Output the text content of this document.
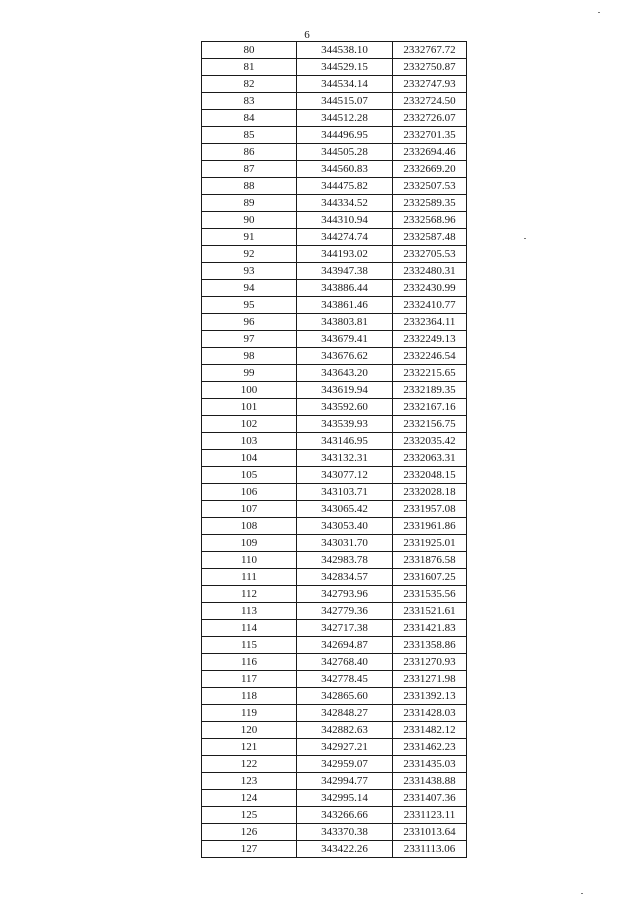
6
80	344538.10	2332767.72
81	344529.15	2332750.87
82	344534.14	2332747.93
83	344515.07	2332724.50
84	344512.28	2332726.07
85	344496.95	2332701.35
86	344505.28	2332694.46
87	344560.83	2332669.20
88	344475.82	2332507.53
89	344334.52	2332589.35
90	344310.94	2332568.96
91	344274.74	2332587.48
92	344193.02	2332705.53
93	343947.38	2332480.31
94	343886.44	2332430.99
95	343861.46	2332410.77
96	343803.81	2332364.11
97	343679.41	2332249.13
98	343676.62	2332246.54
99	343643.20	2332215.65
100	343619.94	2332189.35
101	343592.60	2332167.16
102	343539.93	2332156.75
103	343146.95	2332035.42
104	343132.31	2332063.31
105	343077.12	2332048.15
106	343103.71	2332028.18
107	343065.42	2331957.08
108	343053.40	2331961.86
109	343031.70	2331925.01
110	342983.78	2331876.58
111	342834.57	2331607.25
112	342793.96	2331535.56
113	342779.36	2331521.61
114	342717.38	2331421.83
115	342694.87	2331358.86
116	342768.40	2331270.93
117	342778.45	2331271.98
118	342865.60	2331392.13
119	342848.27	2331428.03
120	342882.63	2331482.12
121	342927.21	2331462.23
122	342959.07	2331435.03
123	342994.77	2331438.88
124	342995.14	2331407.36
125	343266.66	2331123.11
126	343370.38	2331013.64
127	343422.26	2331113.06
